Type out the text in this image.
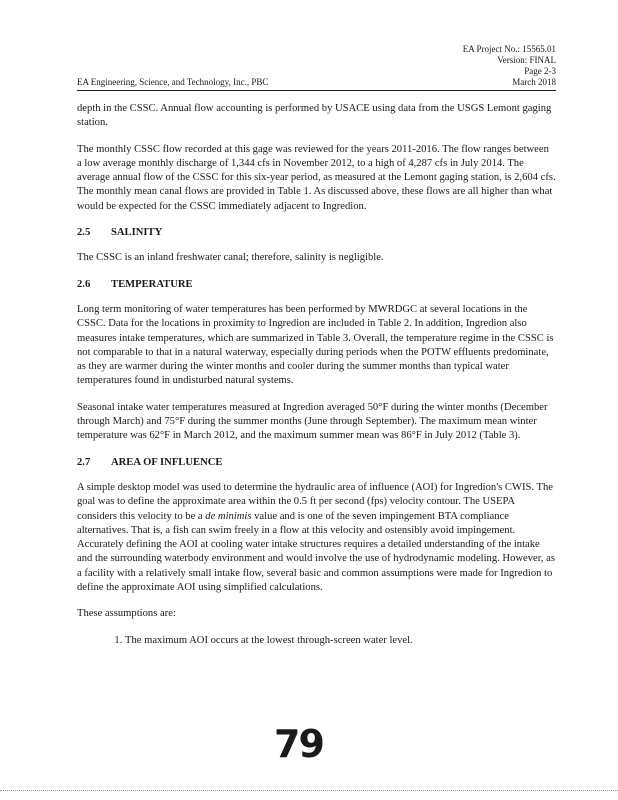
EA Project No.: 15565.01
Version: FINAL
Page 2-3
March 2018
EA Engineering, Science, and Technology, Inc., PBC

depth in the CSSC. Annual flow accounting is performed by USACE using data from the USGS Lemont gaging station.

The monthly CSSC flow recorded at this gage was reviewed for the years 2011-2016. The flow ranges between a low average monthly discharge of 1,344 cfs in November 2012, to a high of 4,287 cfs in July 2014. The average annual flow of the CSSC for this six-year period, as measured at the Lemont gaging station, is 2,604 cfs. The monthly mean canal flows are provided in Table 1. As discussed above, these flows are all higher than what would be expected for the CSSC immediately adjacent to Ingredion.

2.5 SALINITY

The CSSC is an inland freshwater canal; therefore, salinity is negligible.

2.6 TEMPERATURE

Long term monitoring of water temperatures has been performed by MWRDGC at several locations in the CSSC. Data for the locations in proximity to Ingredion are included in Table 2. In addition, Ingredion also measures intake temperatures, which are summarized in Table 3. Overall, the temperature regime in the CSSC is not comparable to that in a natural waterway, especially during periods when the POTW effluents predominate, as they are warmer during the winter months and cooler during the summer months than typical water temperatures found in undisturbed natural systems.

Seasonal intake water temperatures measured at Ingredion averaged 50°F during the winter months (December through March) and 75°F during the summer months (June through September). The maximum mean winter temperature was 62°F in March 2012, and the maximum summer mean was 86°F in July 2012 (Table 3).

2.7 AREA OF INFLUENCE

A simple desktop model was used to determine the hydraulic area of influence (AOI) for Ingredion's CWIS. The goal was to define the approximate area within the 0.5 ft per second (fps) velocity contour. The USEPA considers this velocity to be a de minimis value and is one of the seven impingement BTA compliance alternatives. That is, a fish can swim freely in a flow at this velocity and ostensibly avoid impingement. Accurately defining the AOI at cooling water intake structures requires a detailed understanding of the intake and the surrounding waterbody environment and would involve the use of hydrodynamic modeling. However, as a facility with a relatively small intake flow, several basic and common assumptions were made for Ingredion to define the approximate AOI using simplified calculations.

These assumptions are:

1. The maximum AOI occurs at the lowest through-screen water level.
79
